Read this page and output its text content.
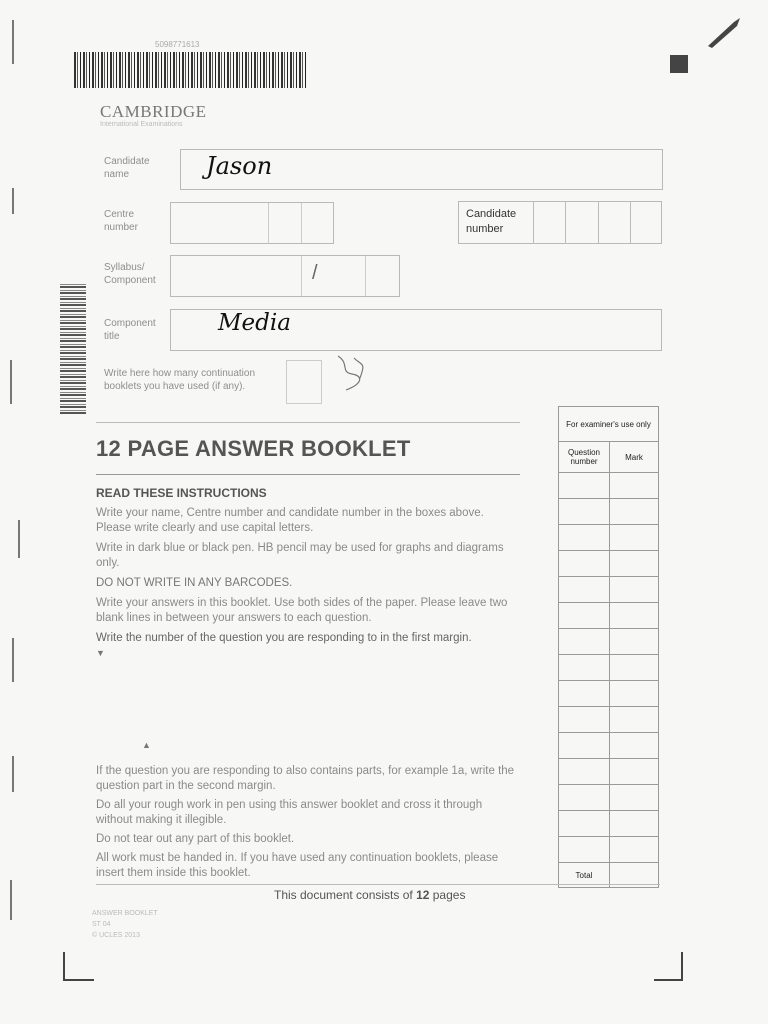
5098771613
CAMBRIDGE
International Examinations
Candidate name	Jason
Centre number
Candidate number
Syllabus/ Component	/
Component title
Media
Write here how many continuation booklets you have used (if any).
12 PAGE ANSWER BOOKLET
READ THESE INSTRUCTIONS
Write your name, Centre number and candidate number in the boxes above. Please write clearly and use capital letters.
Write in dark blue or black pen. HB pencil may be used for graphs and diagrams only.
DO NOT WRITE IN ANY BARCODES.
Write your answers in this booklet. Use both sides of the paper. Please leave two blank lines in between your answers to each question.
Write the number of the question you are responding to in the first margin.
▼
▲
If the question you are responding to also contains parts, for example 1a, write the question part in the second margin.
Do all your rough work in pen using this answer booklet and cross it through without making it illegible.
Do not tear out any part of this booklet.
All work must be handed in. If you have used any continuation booklets, please insert them inside this booklet.
For examiner's use only	
Question number	Mark

Total	
This document consists of 12 pages
ANSWER BOOKLET
ST 04
© UCLES 2013
